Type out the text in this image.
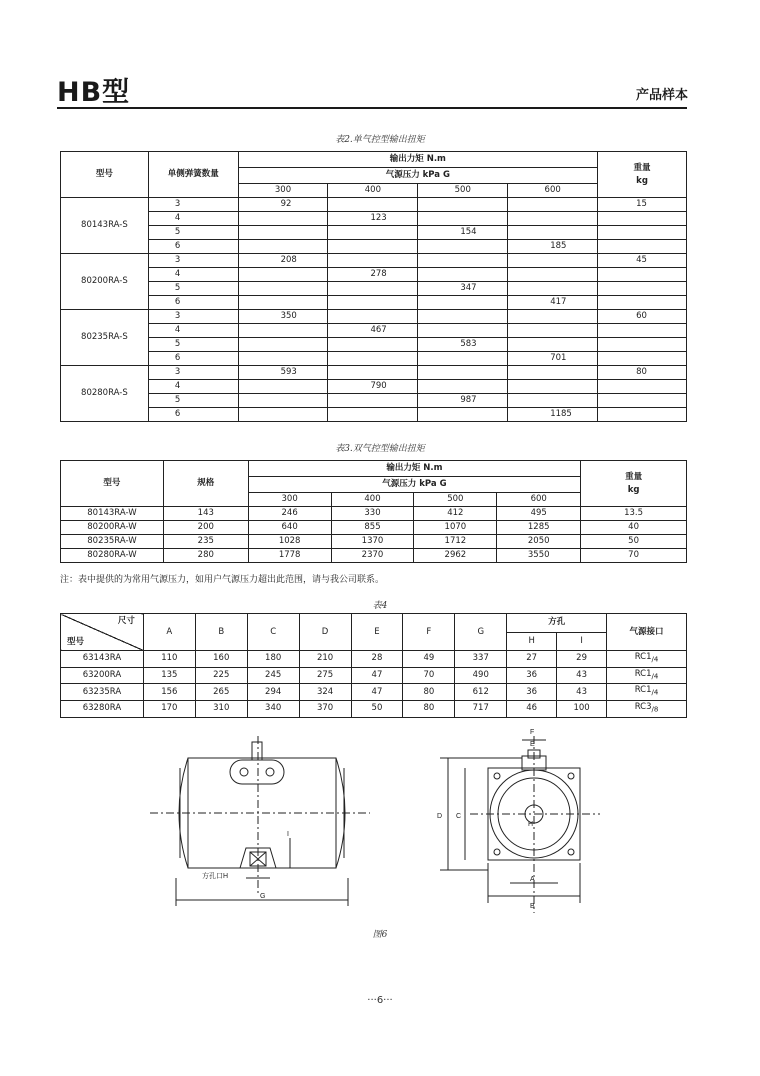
HB型	产品样本
表2.单气控型输出扭矩
型号	单侧弹簧数量	输出力矩 N.m				重量
kg

		气源压力 kPa G				
		300	400	500	600	
80143RA-S	3	92				15
	4		123			
	5			154		
	6				185	
80200RA-S	3	208				45
	4		278			
	5			347		
	6				417	
80235RA-S	3	350				60
	4		467			
	5			583		
	6				701	
80280RA-S	3	593				80
	4		790			
	5			987		
	6				1185	
表3.双气控型输出扭矩
型号	规格	输出力矩 N.m				重量
kg

		气源压力 kPa G				
		300	400	500	600	
80143RA-W	143	246	330	412	495	13.5
80200RA-W	200	640	855	1070	1285	40
80235RA-W	235	1028	1370	1712	2050	50
80280RA-W	280	1778	2370	2962	3550	70
注：表中提供的为常用气源压力，如用户气源压力超出此范围，请与我公司联系。
表4
尺寸
型号	A	B	C	D	E	F	G	方孔		气源接口
								H	I	
63143RA	110	160	180	210	28	49	337	27	29	$RC1_{/4}$
63200RA	135	225	245	275	47	70	490	36	43	$RC1_{/4}$
63235RA	156	265	294	324	47	80	612	36	43	$RC1_{/4}$
63280RA	170	310	340	370	50	80	717	46	100	$RC3_{/8}$
方孔口H
G
I
A
B
C
D
E
F
H
图6
···6···
